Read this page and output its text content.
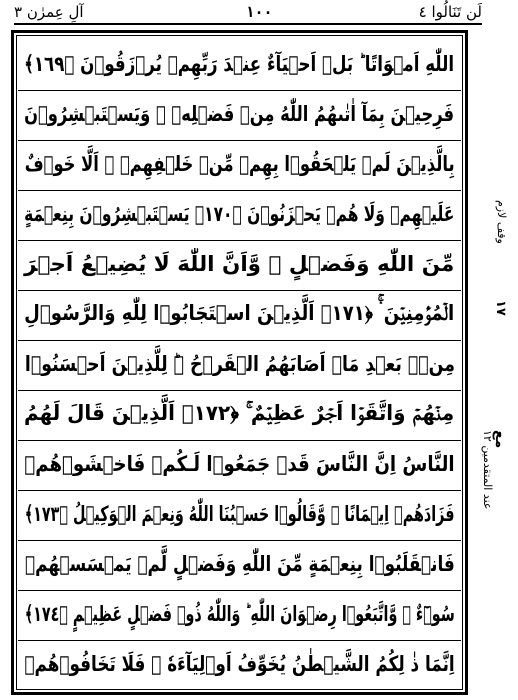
لَن تَنَالُوا ٤
١٠٠
آلِ عِمرٰن ٣
اللّٰهِ اَمۡوَاتًا ؕ بَلۡ اَحۡيَآءٌ عِنۡدَ رَبِّهِمۡ يُرۡزَقُوۡنَ ﴿١٦٩﴾
فَرِحِيۡنَ بِمَآ اٰتٰٮهُمُ اللّٰهُ مِنۡ فَضۡلِهٖ ۙ وَيَسۡتَبۡشِرُوۡنَ
بِالَّذِيۡنَ لَمۡ يَلۡحَقُوۡا بِهِمۡ مِّنۡ خَلۡفِهِمۡ ۙ اَلَّا خَوۡفٌ
عَلَيۡهِمۡ وَلَا هُمۡ يَحۡزَنُوۡنَ ﴿١٧٠﴾ يَسۡتَبۡشِرُوۡنَ بِنِعۡمَةٍ
مِّنَ اللّٰهِ وَفَضۡلٍ ۙ وَّاَنَّ اللّٰهَ لَا يُضِيۡعُ اَجۡرَ
الۡمُؤۡمِنِيۡنَ ۛۚ ﴿١٧١﴾ اَلَّذِيۡنَ اسۡتَجَابُوۡا لِلّٰهِ وَالرَّسُوۡلِ
مِنۡۢ بَعۡدِ مَاۤ اَصَابَهُمُ الۡقَرۡحُ ۛؕ لِلَّذِيۡنَ اَحۡسَنُوۡا
مِنۡهُمۡ وَاتَّقَوۡا اَجۡرٌ عَظِيۡمٌ ۚ ﴿١٧٢﴾ اَلَّذِيۡنَ قَالَ لَهُمُ
النَّاسُ اِنَّ النَّاسَ قَدۡ جَمَعُوۡا لَـكُمۡ فَاخۡشَوۡهُمۡ
فَزَادَهُمۡ اِيۡمَانًا ۖ وَّقَالُوۡا حَسۡبُنَا اللّٰهُ وَنِعۡمَ الۡوَكِيۡلُ ﴿١٧٣﴾
فَانۡقَلَبُوۡا بِنِعۡمَةٍ مِّنَ اللّٰهِ وَفَضۡلٍ لَّمۡ يَمۡسَسۡهُمۡ
سُوۡٓءٌ ۙ وَّاتَّبَعُوۡا رِضۡوَانَ اللّٰهِ ؕ وَاللّٰهُ ذُوۡ فَضۡلٍ عَظِيۡمٍ ﴿١٧٤﴾
اِنَّمَا ذٰ لِكُمُ الشَّيۡطٰنُ يُخَوِّفُ اَوۡلِيَآءَهٗ ۖ فَلَا تَخَافُوۡهُمۡ
وقف لازم
١٧
مع
عند المتقدمين ١٢
